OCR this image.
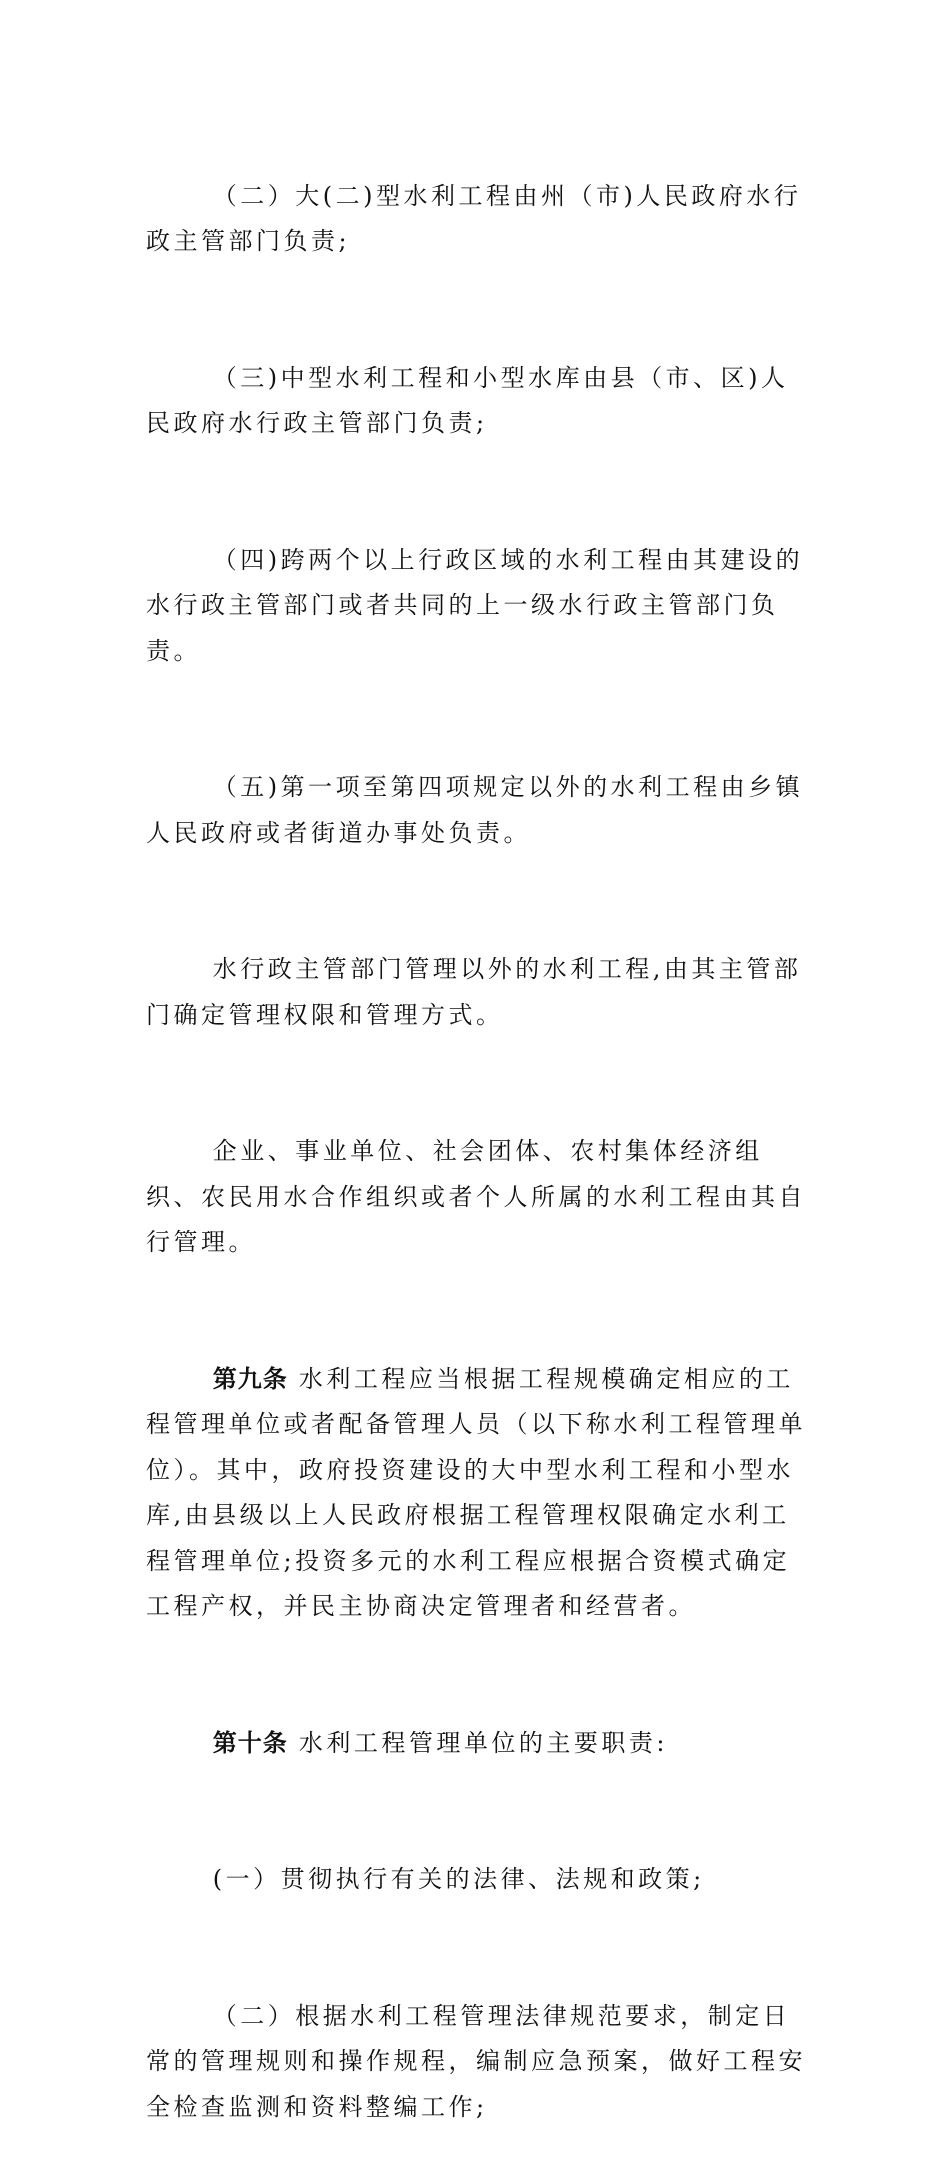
（二）大(二)型水利工程由州（市)人民政府水行政主管部门负责;

（三)中型水利工程和小型水库由县（市、区)人民政府水行政主管部门负责;

（四)跨两个以上行政区域的水利工程由其建设的水行政主管部门或者共同的上一级水行政主管部门负责。

（五)第一项至第四项规定以外的水利工程由乡镇人民政府或者街道办事处负责。

水行政主管部门管理以外的水利工程,由其主管部门确定管理权限和管理方式。

企业、事业单位、社会团体、农村集体经济组织、农民用水合作组织或者个人所属的水利工程由其自行管理。

第九条 水利工程应当根据工程规模确定相应的工程管理单位或者配备管理人员（以下称水利工程管理单位）。其中，政府投资建设的大中型水利工程和小型水库,由县级以上人民政府根据工程管理权限确定水利工程管理单位;投资多元的水利工程应根据合资模式确定工程产权，并民主协商决定管理者和经营者。

第十条 水利工程管理单位的主要职责:

(一）贯彻执行有关的法律、法规和政策;

（二）根据水利工程管理法律规范要求，制定日常的管理规则和操作规程，编制应急预案，做好工程安全检查监测和资料整编工作;
